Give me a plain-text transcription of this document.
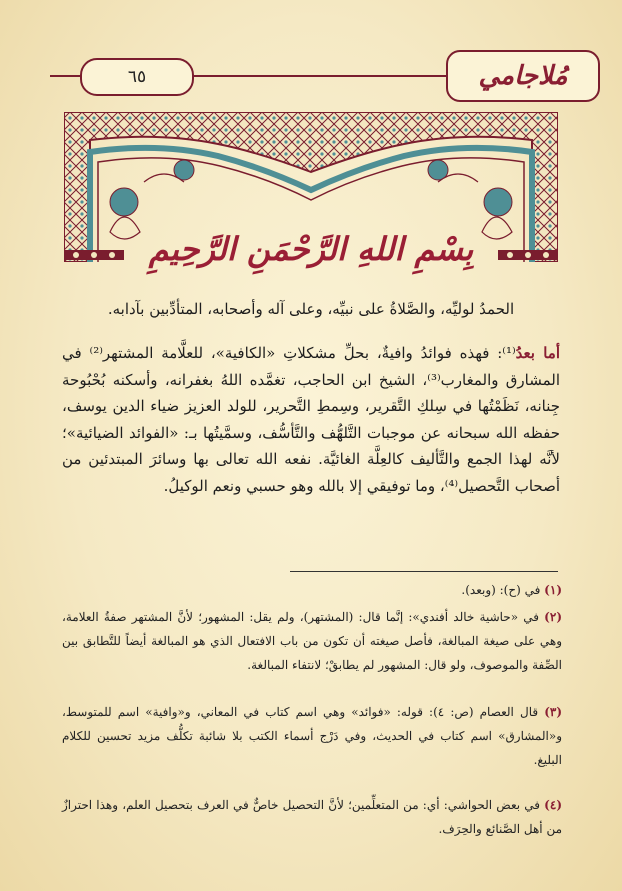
٦٥	مُلاجامي
بِسْمِ اللهِ الرَّحْمَنِ الرَّحِيمِ
الحمدُ لوليِّه، والصَّلاةُ على نبيِّه، وعلى آله وأصحابه، المتأدِّبين بآدابه.
أما بعدُ⁽¹⁾: فهذه فوائدُ وافيةٌ، بحلِّ مشكلاتِ «الكافية»، للعلَّامة المشتهر⁽²⁾ في المشارق والمغارب⁽³⁾، الشيخ ابن الحاجب، تغمَّده اللهُ بغفرانه، وأسكنه بُحْبُوحة جِنانه، نَظَمْتُها في سِلكِ التَّقرير، وسِمطِ التَّحرير، للولد العزيز ضياء الدين يوسف، حفظه الله سبحانه عن موجبات التَّلهُّف والتَّأسُّف، وسمَّيتُها بـ: «الفوائد الضيائية»؛ لأنَّه لهذا الجمع والتَّأليف كالعِلَّة الغائيَّة. نفعه الله تعالى بها وسائرَ المبتدئين من أصحاب التَّحصيل⁽⁴⁾، وما توفيقي إلا بالله وهو حسبي ونعم الوكيلُ.
(١) في (ح): (وبعد).
(٢) في «حاشية خالد أفندي»: إنَّما قال: (المشتهر)، ولم يقل: المشهور؛ لأنَّ المشتهر صفةُ العلامة، وهي على صيغة المبالغة، فأصل صيغته أن تكون من باب الافتعال الذي هو المبالغة أيضاً للتَّطابق بين الصِّفة والموصوف، ولو قال: المشهور لم يطابقْ؛ لانتفاء المبالغة.
(٣) قال العصام (ص: ٤): قوله: «فوائد» وهي اسم كتاب في المعاني، و«وافية» اسم للمتوسط، و«المشارق» اسم كتاب في الحديث، وفي دَرْج أسماء الكتب بلا شائبة تكلُّف مزيد تحسين للكلام البليغ.
(٤) في بعض الحواشي: أي: من المتعلِّمين؛ لأنَّ التحصيل خاصٌّ في العرف بتحصيل العلم، وهذا احترازٌ من أهل الصَّنائع والحِرَف.
